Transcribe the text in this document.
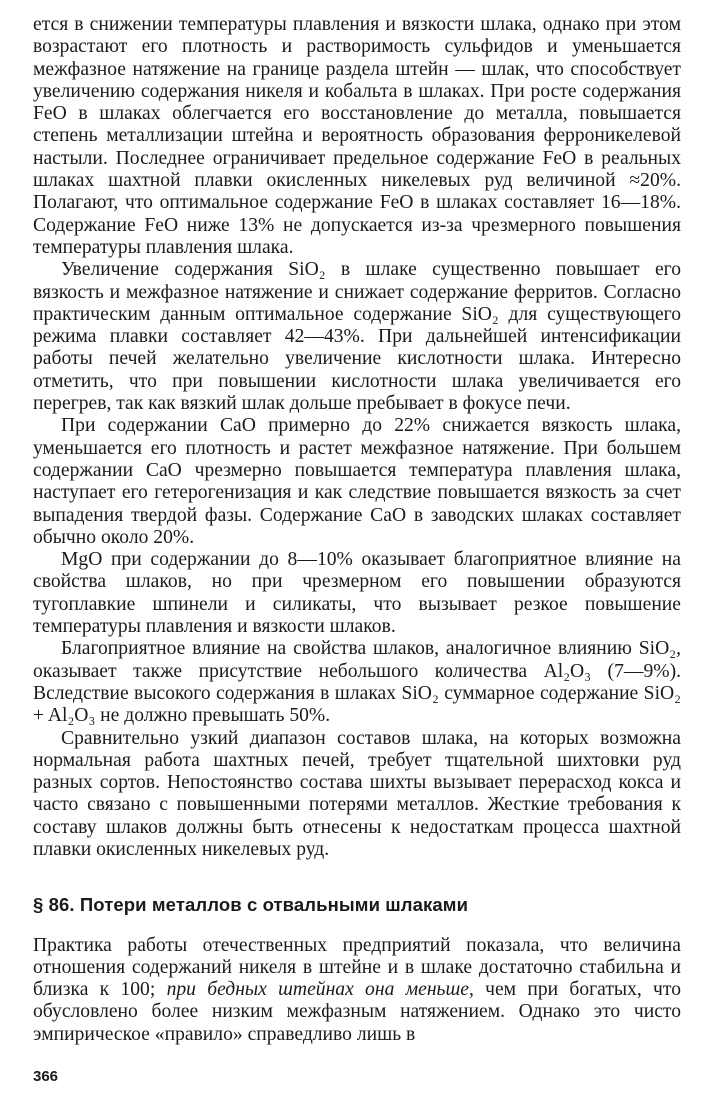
ется в снижении температуры плавления и вязкости шлака, однако при этом возрастают его плотность и растворимость сульфидов и уменьшается межфазное натяжение на границе раздела штейн — шлак, что способствует увеличению содержания никеля и кобальта в шлаках. При росте содержания FeO в шлаках облегчается его восстановление до металла, повышается степень металлизации штейна и вероятность образования ферроникелевой настыли. Последнее ограничивает предельное содержание FeO в реальных шлаках шахтной плавки окисленных никелевых руд величиной ≈20%. Полагают, что оптимальное содержание FeO в шлаках составляет 16—18%. Содержание FeO ниже 13% не допускается из-за чрезмерного повышения температуры плавления шлака.

Увеличение содержания SiO₂ в шлаке существенно повышает его вязкость и межфазное натяжение и снижает содержание ферритов. Согласно практическим данным оптимальное содержание SiO₂ для существующего режима плавки составляет 42—43%. При дальнейшей интенсификации работы печей желательно увеличение кислотности шлака. Интересно отметить, что при повышении кислотности шлака увеличивается его перегрев, так как вязкий шлак дольше пребывает в фокусе печи.

При содержании CaO примерно до 22% снижается вязкость шлака, уменьшается его плотность и растет межфазное натяжение. При большем содержании CaO чрезмерно повышается температура плавления шлака, наступает его гетерогенизация и как следствие повышается вязкость за счет выпадения твердой фазы. Содержание CaO в заводских шлаках составляет обычно около 20%.

MgO при содержании до 8—10% оказывает благоприятное влияние на свойства шлаков, но при чрезмерном его повышении образуются тугоплавкие шпинели и силикаты, что вызывает резкое повышение температуры плавления и вязкости шлаков.

Благоприятное влияние на свойства шлаков, аналогичное влиянию SiO₂, оказывает также присутствие небольшого количества Al₂O₃ (7—9%). Вследствие высокого содержания в шлаках SiO₂ суммарное содержание SiO₂ + Al₂O₃ не должно превышать 50%.

Сравнительно узкий диапазон составов шлака, на которых возможна нормальная работа шахтных печей, требует тщательной шихтовки руд разных сортов. Непостоянство состава шихты вызывает перерасход кокса и часто связано с повышенными потерями металлов. Жесткие требования к составу шлаков должны быть отнесены к недостаткам процесса шахтной плавки окисленных никелевых руд.

§ 86. Потери металлов с отвальными шлаками

Практика работы отечественных предприятий показала, что величина отношения содержаний никеля в штейне и в шлаке достаточно стабильна и близка к 100; при бедных штейнах она меньше, чем при богатых, что обусловлено более низким межфазным натяжением. Однако это чисто эмпирическое «правило» справедливо лишь в

366
